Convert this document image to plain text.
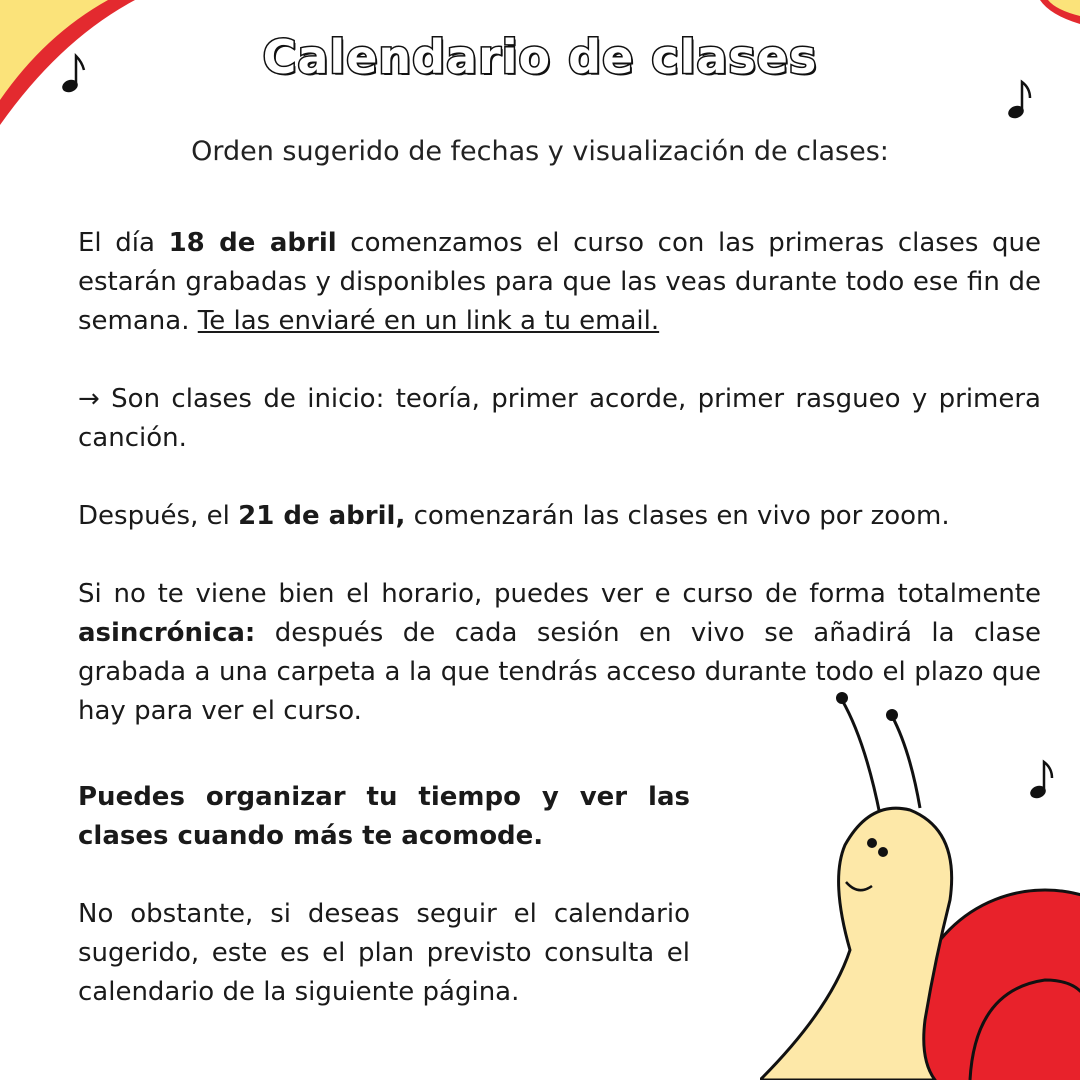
Calendario de clases
Orden sugerido de fechas y visualización de clases:
El día 18 de abril comenzamos el curso con las primeras clases que estarán grabadas y disponibles para que las veas durante todo ese fin de semana. Te las enviaré en un link a tu email.
→ Son clases de inicio: teoría, primer acorde, primer rasgueo y primera canción.
Después, el 21 de abril, comenzarán las clases en vivo por zoom.
Si no te viene bien el horario, puedes ver e curso de forma totalmente asincrónica: después de cada sesión en vivo se añadirá la clase grabada a una carpeta a la que tendrás acceso durante todo el plazo que hay para ver el curso.
Puedes organizar tu tiempo y ver las clases cuando más te acomode.
No obstante, si deseas seguir el calendario sugerido, este es el plan previsto consulta el calendario de la siguiente página.
